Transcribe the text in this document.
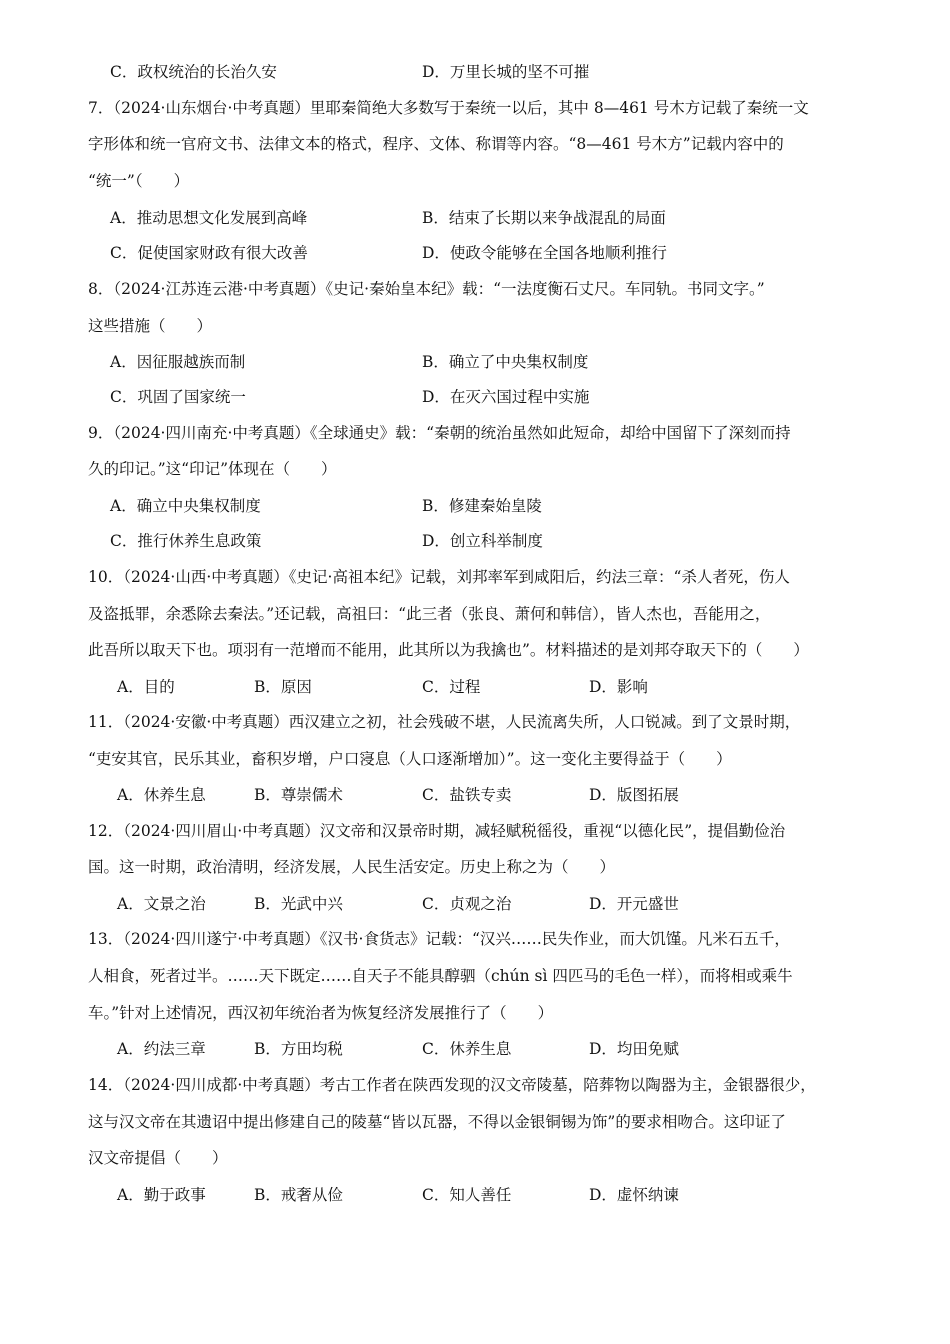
C．政权统治的长治久安	D．万里长城的坚不可摧
7．（2024·山东烟台·中考真题）里耶秦简绝大多数写于秦统一以后，其中 8—461 号木方记载了秦统一文
字形体和统一官府文书、法律文本的格式，程序、文体、称谓等内容。“8—461 号木方”记载内容中的
“统一”（　　）
A．推动思想文化发展到高峰	B．结束了长期以来争战混乱的局面
C．促使国家财政有很大改善	D．使政令能够在全国各地顺利推行
8．（2024·江苏连云港·中考真题）《史记·秦始皇本纪》载：“一法度衡石丈尺。车同轨。书同文字。”
这些措施（　　）
A．因征服越族而制	B．确立了中央集权制度
C．巩固了国家统一	D．在灭六国过程中实施
9．（2024·四川南充·中考真题）《全球通史》载：“秦朝的统治虽然如此短命，却给中国留下了深刻而持
久的印记。”这“印记”体现在（　　）
A．确立中央集权制度	B．修建秦始皇陵
C．推行休养生息政策	D．创立科举制度
10．（2024·山西·中考真题）《史记·高祖本纪》记载，刘邦率军到咸阳后，约法三章：“杀人者死，伤人
及盗抵罪，余悉除去秦法。”还记载，高祖曰：“此三者（张良、萧何和韩信），皆人杰也，吾能用之，
此吾所以取天下也。项羽有一范增而不能用，此其所以为我擒也”。材料描述的是刘邦夺取天下的（　　）
A．目的	B．原因	C．过程	D．影响
11．（2024·安徽·中考真题）西汉建立之初，社会残破不堪，人民流离失所，人口锐减。到了文景时期，
“吏安其官，民乐其业，畜积岁增，户口寖息（人口逐渐增加）”。这一变化主要得益于（　　）
A．休养生息	B．尊崇儒术	C．盐铁专卖	D．版图拓展
12．（2024·四川眉山·中考真题）汉文帝和汉景帝时期，减轻赋税徭役，重视“以德化民”，提倡勤俭治
国。这一时期，政治清明，经济发展，人民生活安定。历史上称之为（　　）
A．文景之治	B．光武中兴	C．贞观之治	D．开元盛世
13．（2024·四川遂宁·中考真题）《汉书·食货志》记载：“汉兴……民失作业，而大饥馑。凡米石五千，
人相食，死者过半。……天下既定……自天子不能具醇驷（chún sì 四匹马的毛色一样），而将相或乘牛
车。”针对上述情况，西汉初年统治者为恢复经济发展推行了（　　）
A．约法三章	B．方田均税	C．休养生息	D．均田免赋
14．（2024·四川成都·中考真题）考古工作者在陕西发现的汉文帝陵墓，陪葬物以陶器为主，金银器很少，
这与汉文帝在其遗诏中提出修建自己的陵墓“皆以瓦器，不得以金银铜锡为饰”的要求相吻合。这印证了
汉文帝提倡（　　）
A．勤于政事	B．戒奢从俭	C．知人善任	D．虚怀纳谏
